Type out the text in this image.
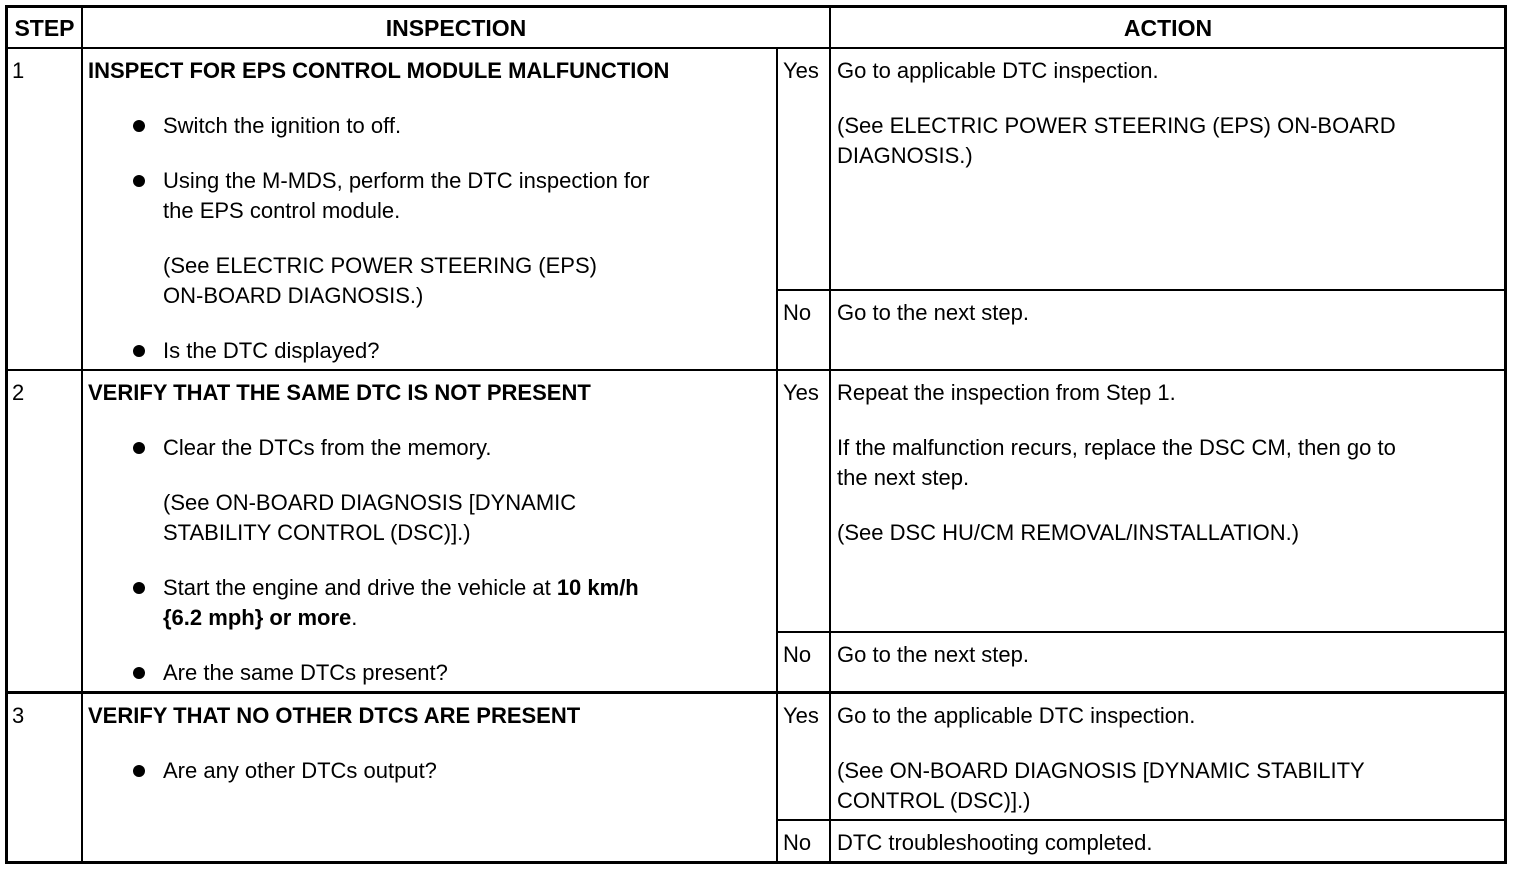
STEP	INSPECTION	ACTION
1	INSPECT FOR EPS CONTROL MODULE MALFUNCTION
Switch the ignition to off.
Using the M-MDS, perform the DTC inspection for
the EPS control module.
(See ELECTRIC POWER STEERING (EPS)
ON-BOARD DIAGNOSIS.)
Is the DTC displayed?
Yes Go to applicable DTC inspection.
(See ELECTRIC POWER STEERING (EPS) ON-BOARD
DIAGNOSIS.)
No Go to the next step.
2	VERIFY THAT THE SAME DTC IS NOT PRESENT
Clear the DTCs from the memory.
(See ON-BOARD DIAGNOSIS [DYNAMIC
STABILITY CONTROL (DSC)].)
Start the engine and drive the vehicle at 10 km/h
{6.2 mph} or more.
Are the same DTCs present?
Yes Repeat the inspection from Step 1.
If the malfunction recurs, replace the DSC CM, then go to
the next step.
(See DSC HU/CM REMOVAL/INSTALLATION.)
No Go to the next step.
3	VERIFY THAT NO OTHER DTCS ARE PRESENT
Are any other DTCs output?
Yes Go to the applicable DTC inspection.
(See ON-BOARD DIAGNOSIS [DYNAMIC STABILITY
CONTROL (DSC)].)
No DTC troubleshooting completed.
